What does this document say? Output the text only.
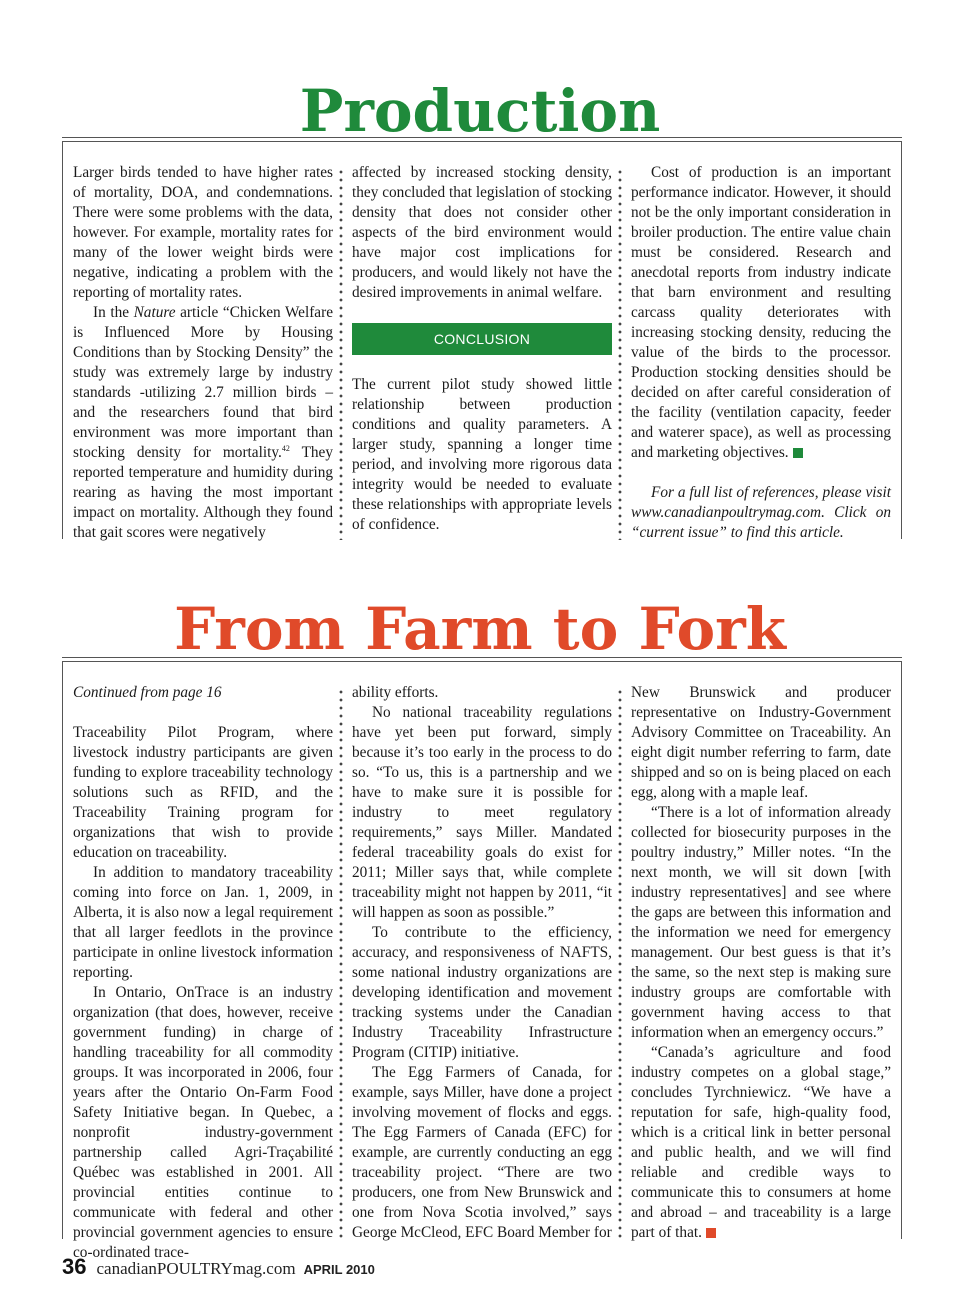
Production

Larger birds tended to have higher rates of mortality, DOA, and condemnations. There were some problems with the data, however. For example, mortality rates for many of the lower weight birds were negative, indicating a problem with the reporting of mortality rates.

In the Nature article “Chicken Welfare is Influenced More by Housing Conditions than by Stocking Density” the study was extremely large by industry standards -utilizing 2.7 million birds – and the researchers found that bird environment was more important than stocking density for mortality.$^{42}$ They reported temperature and humidity during rearing as having the most important impact on mortality. Although they found that gait scores were negatively

affected by increased stocking density, they concluded that legislation of stocking density that does not consider other aspects of the bird environment would have major cost implications for producers, and would likely not have the desired improvements in animal welfare.

CONCLUSION

The current pilot study showed little relationship between production conditions and quality parameters. A larger study, spanning a longer time period, and involving more rigorous data integrity would be needed to evaluate these relationships with appropriate levels of confidence.

Cost of production is an important performance indicator. However, it should not be the only important consideration in broiler production. The entire value chain must be considered. Research and anecdotal reports from industry indicate that barn environment and resulting carcass quality deteriorates with increasing stocking density, reducing the value of the birds to the processor. Production stocking densities should be decided on after careful consideration of the facility (ventilation capacity, feeder and waterer space), as well as processing and marketing objectives.

For a full list of references, please visit www.canadianpoultrymag.com. Click on “current issue” to find this article.

From Farm to Fork

Continued from page 16

Traceability Pilot Program, where livestock industry participants are given funding to explore traceability technology solutions such as RFID, and the Traceability Training program for organizations that wish to provide education on traceability.

In addition to mandatory traceability coming into force on Jan. 1, 2009, in Alberta, it is also now a legal requirement that all larger feedlots in the province participate in online livestock information reporting.

In Ontario, OnTrace is an industry organization (that does, however, receive government funding) in charge of handling traceability for all commodity groups. It was incorporated in 2006, four years after the Ontario On-Farm Food Safety Initiative began. In Quebec, a nonprofit industry-government partnership called Agri-Traçabilité Québec was established in 2001. All provincial entities continue to communicate with federal and other provincial government agencies to ensure co-ordinated trace-

ability efforts.

No national traceability regulations have yet been put forward, simply because it’s too early in the process to do so. “To us, this is a partnership and we have to make sure it is possible for industry to meet regulatory requirements,” says Miller. Mandated federal traceability goals do exist for 2011; Miller says that, while complete traceability might not happen by 2011, “it will happen as soon as possible.”

To contribute to the efficiency, accuracy, and responsiveness of NAFTS, some national industry organizations are developing identification and movement tracking systems under the Canadian Industry Traceability Infrastructure Program (CITIP) initiative.

The Egg Farmers of Canada, for example, says Miller, have done a project involving movement of flocks and eggs. The Egg Farmers of Canada (EFC) for example, are currently conducting an egg traceability project. “There are two producers, one from New Brunswick and one from Nova Scotia involved,” says George McCleod, EFC Board Member for

New Brunswick and producer representative on Industry-Government Advisory Committee on Traceability. An eight digit number referring to farm, date shipped and so on is being placed on each egg, along with a maple leaf.

“There is a lot of information already collected for biosecurity purposes in the poultry industry,” Miller notes. “In the next month, we will sit down [with industry representatives] and see where the gaps are between this information and the information we need for emergency management. Our best guess is that it’s the same, so the next step is making sure industry groups are comfortable with government having access to that information when an emergency occurs.”

“Canada’s agriculture and food industry competes on a global stage,” concludes Tyrchniewicz. “We have a reputation for safe, high-quality food, which is a critical link in better personal and public health, and we will find reliable and credible ways to communicate this to consumers at home and abroad – and traceability is a large part of that.

36 canadianPOULTRYmag.com APRIL 2010
